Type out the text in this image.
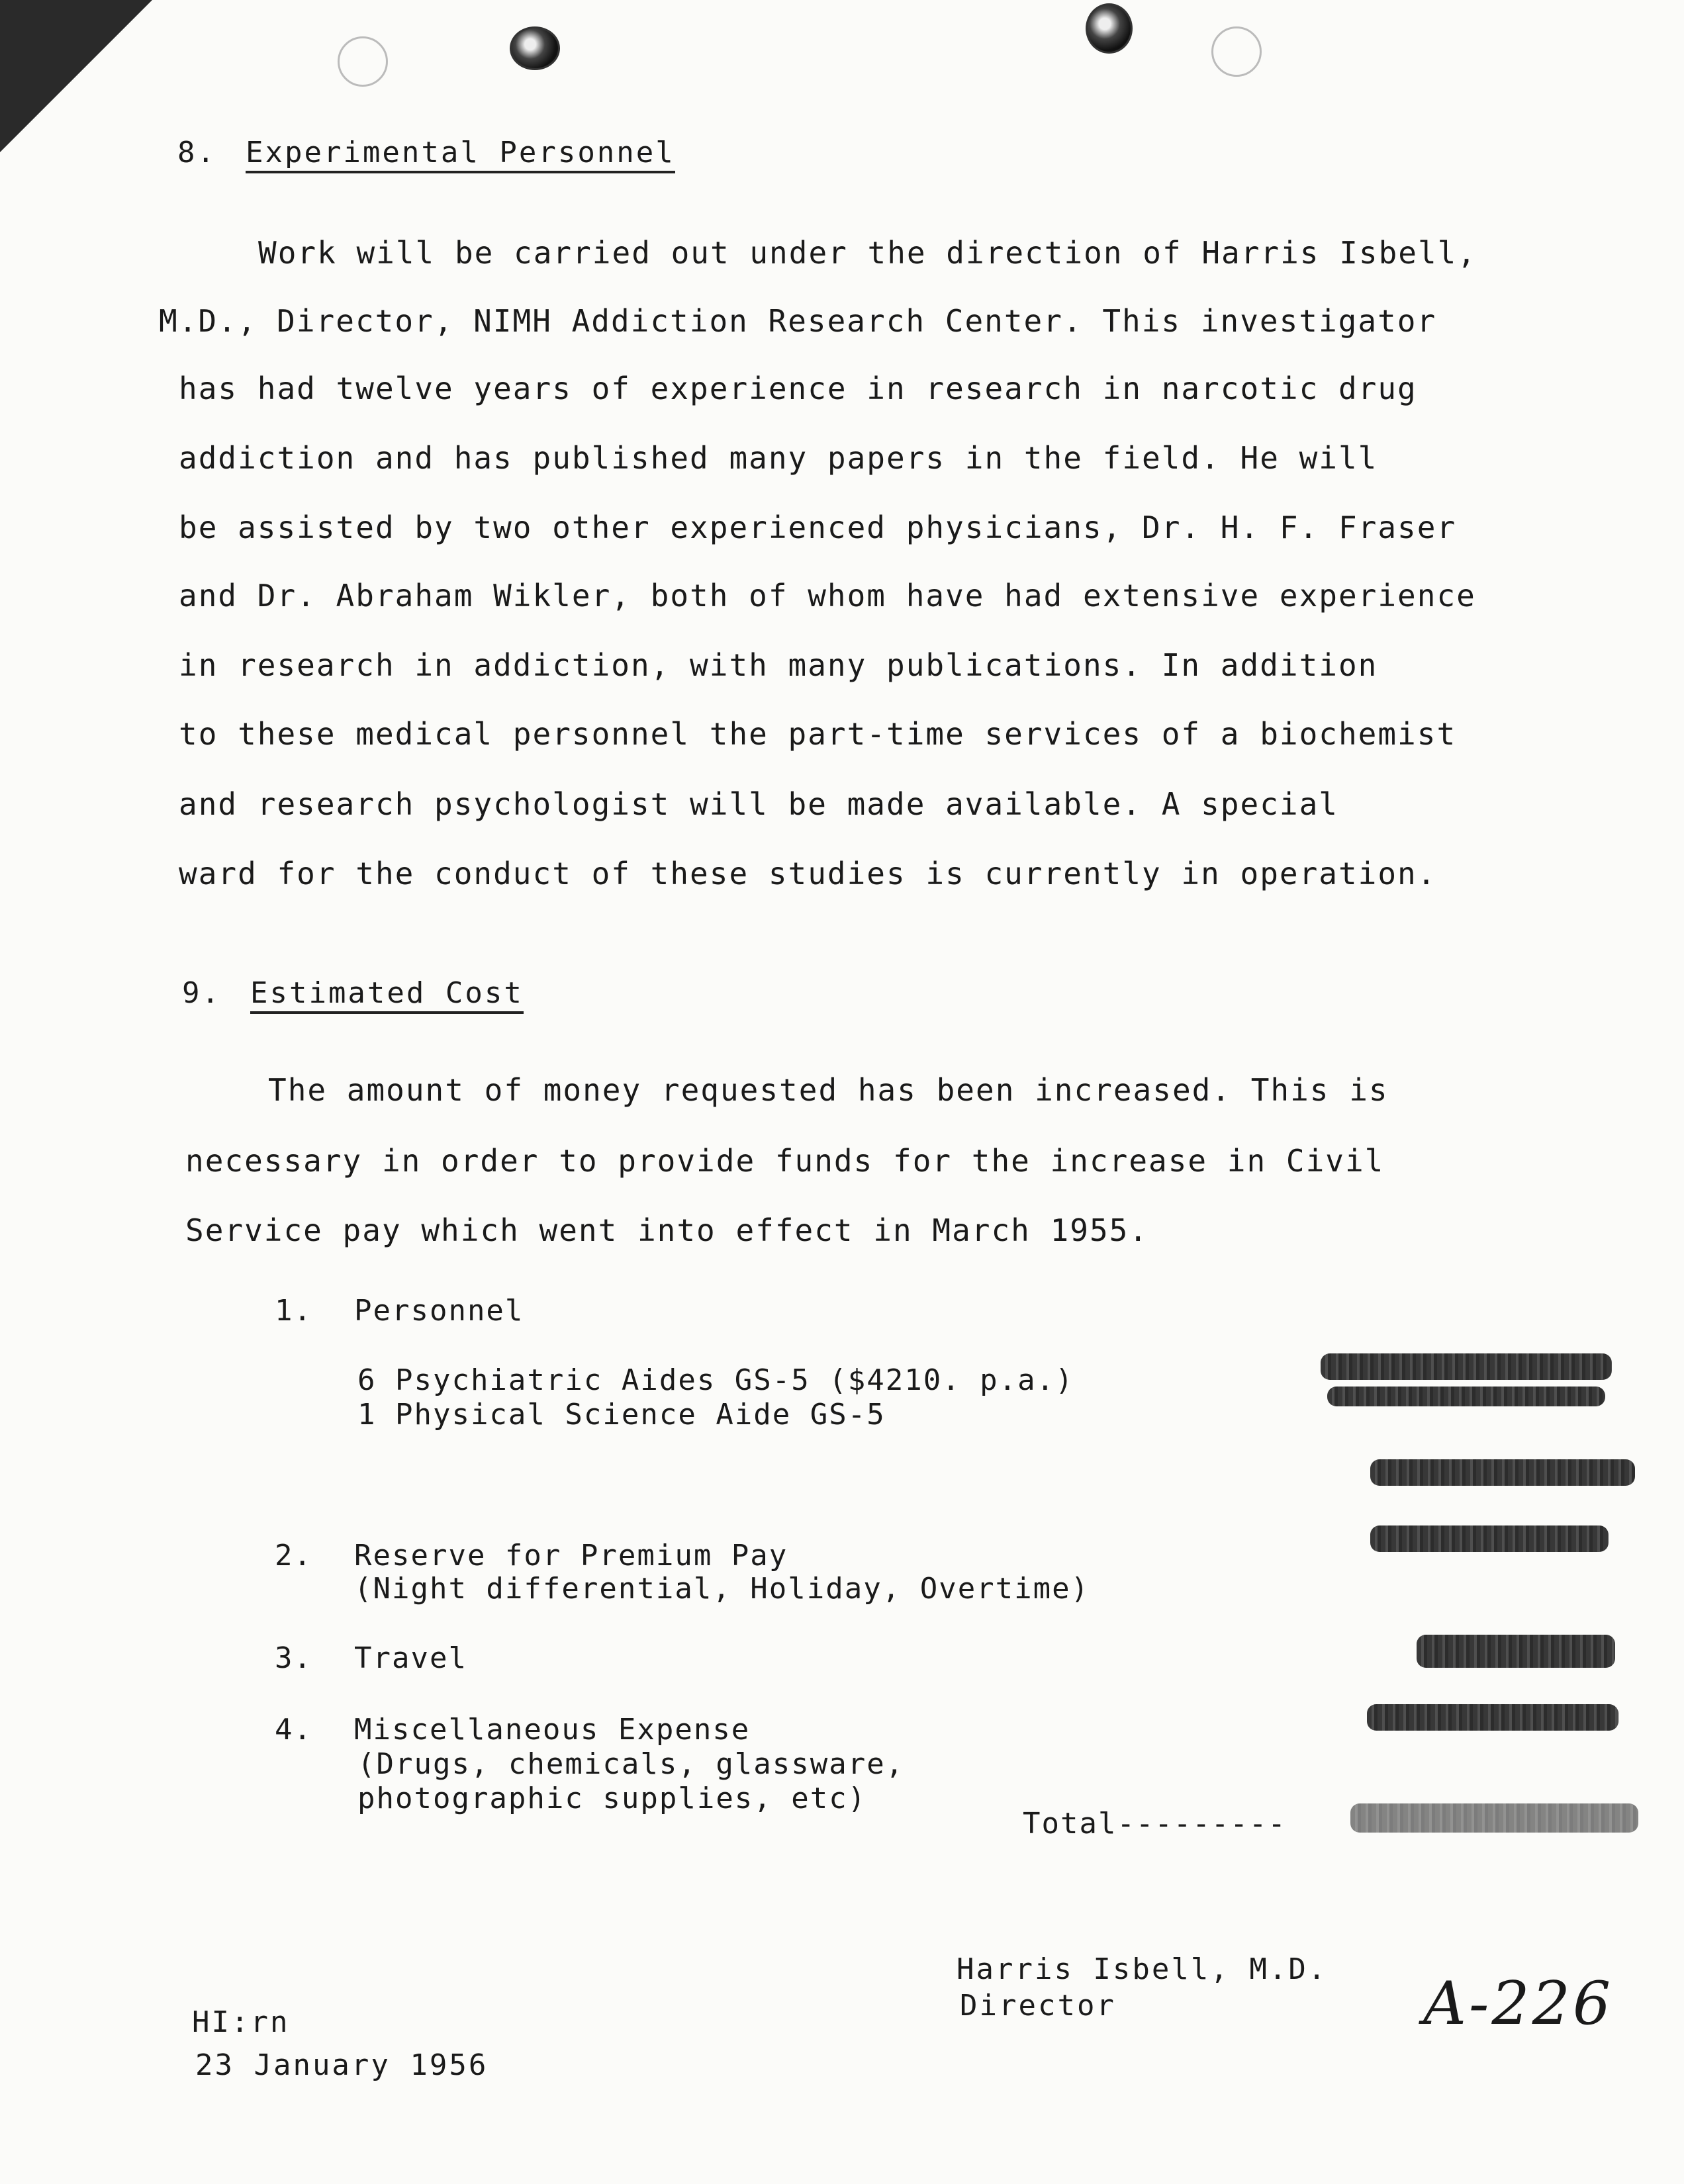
8. Experimental Personnel
Work will be carried out under the direction of Harris Isbell,
M.D., Director, NIMH Addiction Research Center. This investigator
has had twelve years of experience in research in narcotic drug
addiction and has published many papers in the field. He will
be assisted by two other experienced physicians, Dr. H. F. Fraser
and Dr. Abraham Wikler, both of whom have had extensive experience
in research in addiction, with many publications. In addition
to these medical personnel the part-time services of a biochemist
and research psychologist will be made available. A special
ward for the conduct of these studies is currently in operation.
9. Estimated Cost
The amount of money requested has been increased. This is
necessary in order to provide funds for the increase in Civil
Service pay which went into effect in March 1955.
1. Personnel
6 Psychiatric Aides GS-5 ($4210. p.a.)
1 Physical Science Aide GS-5
2. Reserve for Premium Pay
(Night differential, Holiday, Overtime)
3. Travel
4. Miscellaneous Expense
(Drugs, chemicals, glassware,
photographic supplies, etc)
Total---------
Harris Isbell, M.D.
Director
HI:rn
23 January 1956
A-226
